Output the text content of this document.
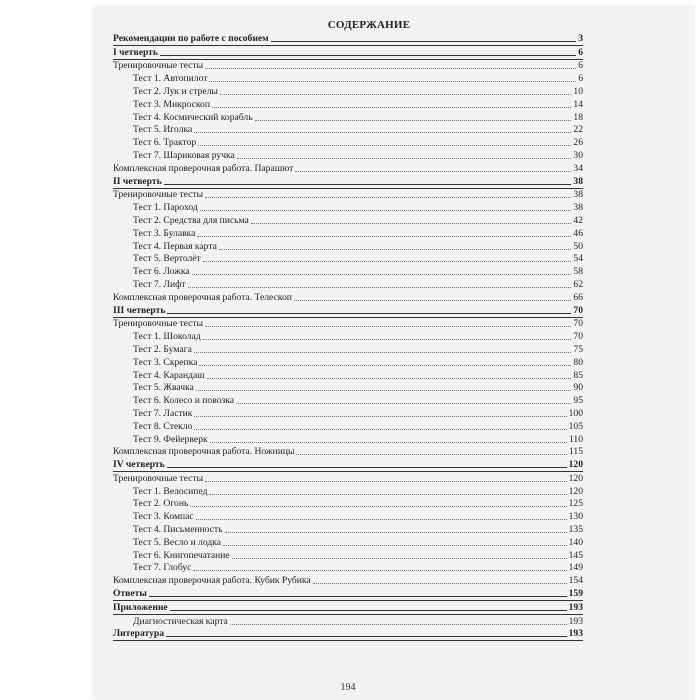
СОДЕРЖАНИЕ
Рекомендации по работе с пособием	3
I четверть	6
Тренировочные тесты	6
Тест 1. Автопилот	6
Тест 2. Лук и стрелы	10
Тест 3. Микроскоп	14
Тест 4. Космический корабль	18
Тест 5. Иголка	22
Тест 6. Трактор	26
Тест 7. Шариковая ручка	30
Комплексная проверочная работа. Парашют	34
II четверть	38
Тренировочные тесты	38
Тест 1. Пароход	38
Тест 2. Средства для письма	42
Тест 3. Булавка	46
Тест 4. Первая карта	50
Тест 5. Вертолёт	54
Тест 6. Ложка	58
Тест 7. Лифт	62
Комплексная проверочная работа. Телескоп	66
III четверть	70
Тренировочные тесты	70
Тест 1. Шоколад	70
Тест 2. Бумага	75
Тест 3. Скрепка	80
Тест 4. Карандаш	85
Тест 5. Жвачка	90
Тест 6. Колесо и повозка	95
Тест 7. Ластик	100
Тест 8. Стекло	105
Тест 9. Фейерверк	110
Комплексная проверочная работа. Ножницы	115
IV четверть	120
Тренировочные тесты	120
Тест 1. Велосипед	120
Тест 2. Огонь	125
Тест 3. Компас	130
Тест 4. Письменность	135
Тест 5. Весло и лодка	140
Тест 6. Книгопечатание	145
Тест 7. Глобус	149
Комплексная проверочная работа. Кубик Рубика	154
Ответы	159
Приложение	193
Диагностическая карта	193
Литература	193
194
